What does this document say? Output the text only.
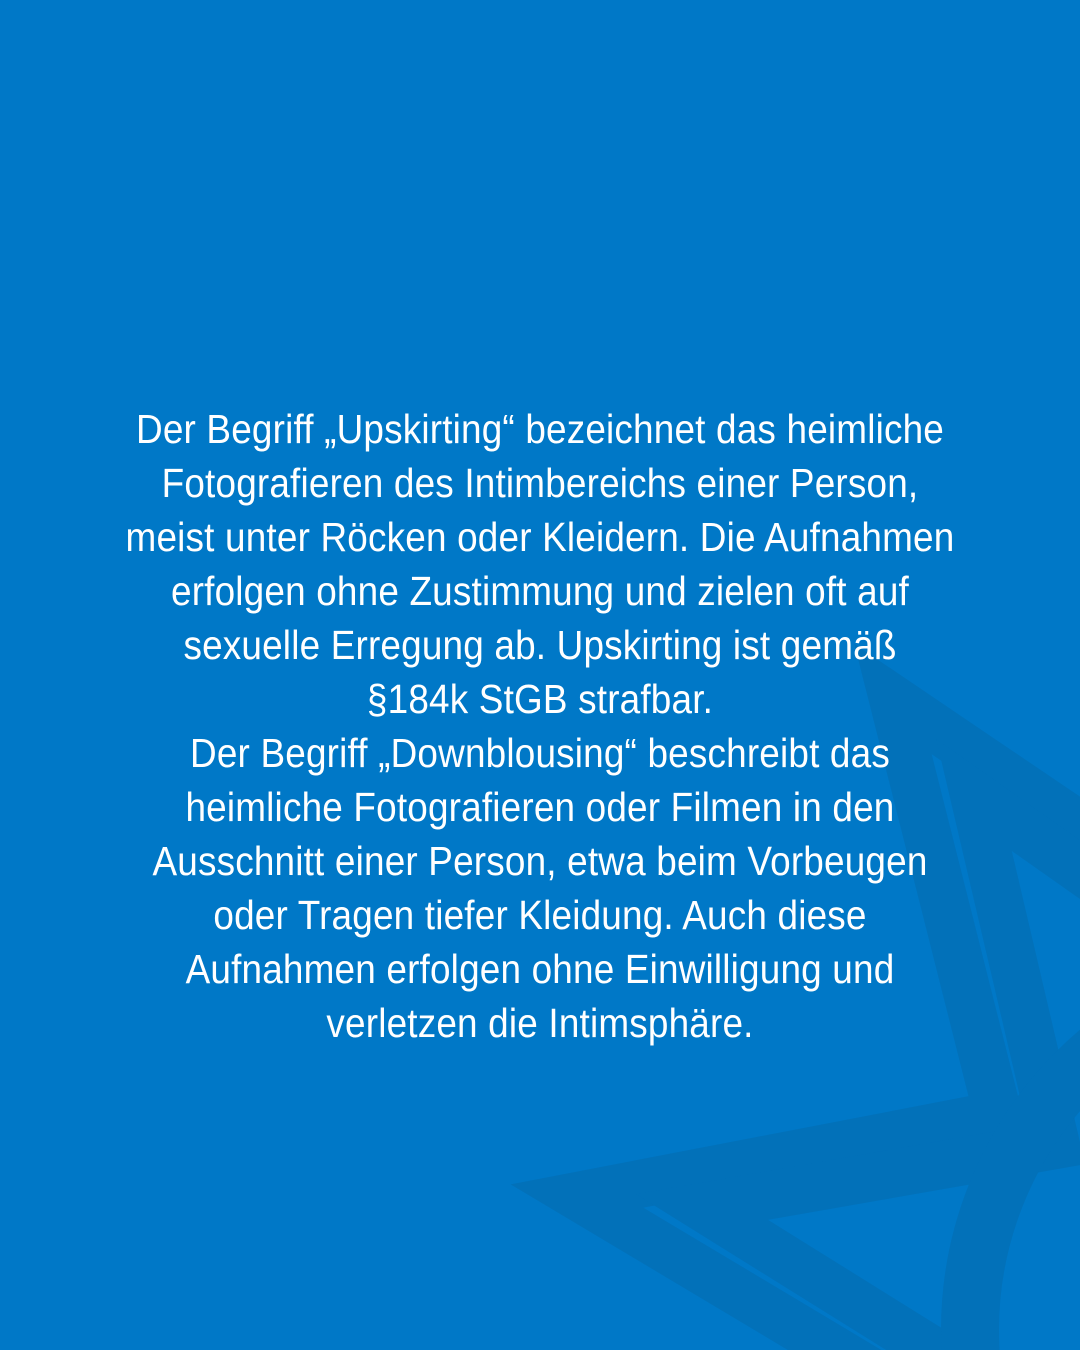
Der Begriff „Upskirting“ bezeichnet das heimliche
Fotografieren des Intimbereichs einer Person,
meist unter Röcken oder Kleidern. Die Aufnahmen
erfolgen ohne Zustimmung und zielen oft auf
sexuelle Erregung ab. Upskirting ist gemäß
§184k StGB strafbar.

Der Begriff „Downblousing“ beschreibt das
heimliche Fotografieren oder Filmen in den
Ausschnitt einer Person, etwa beim Vorbeugen
oder Tragen tiefer Kleidung. Auch diese
Aufnahmen erfolgen ohne Einwilligung und
verletzen die Intimsphäre.
